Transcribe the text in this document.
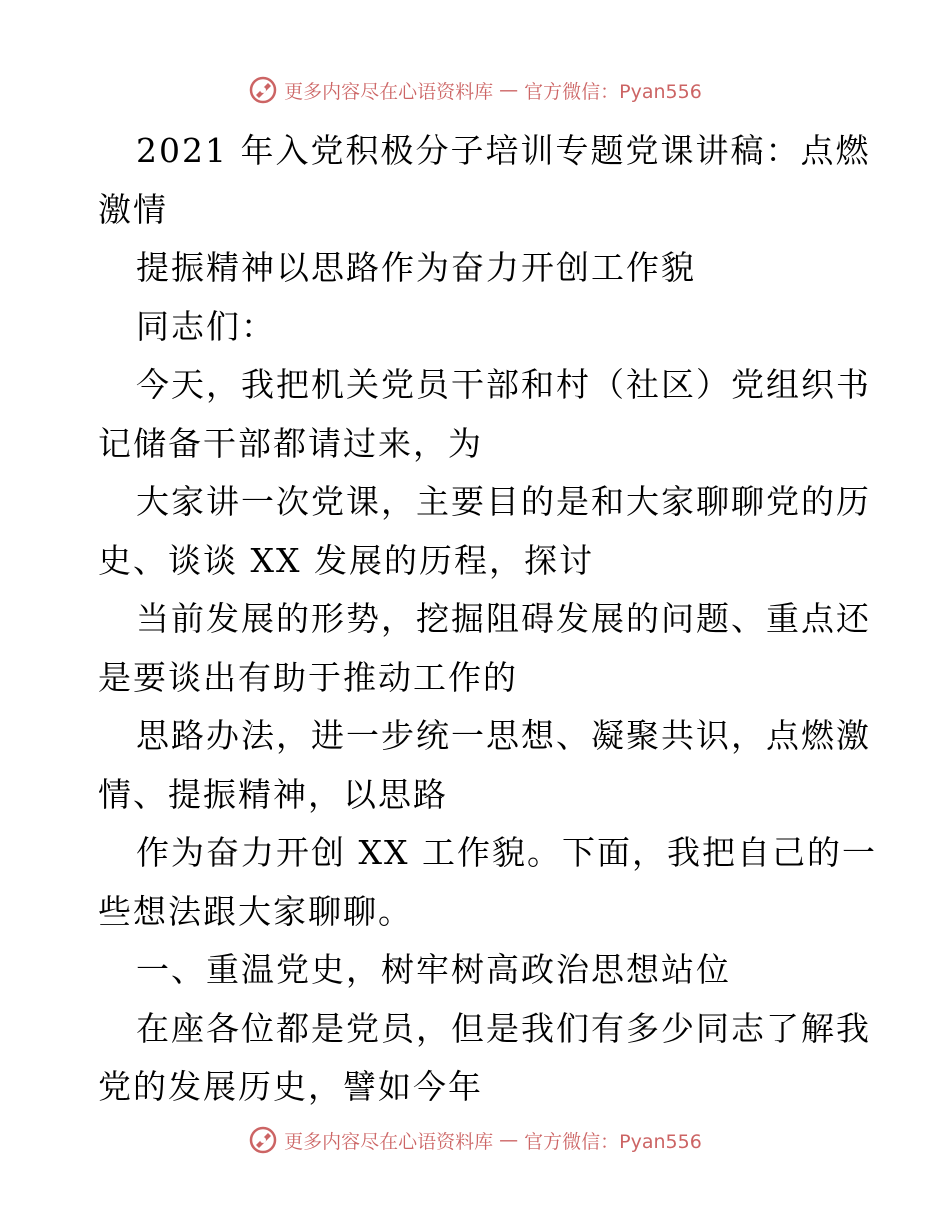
更多内容尽在心语资料库 — 官方微信：Pyan556
2021 年入党积极分子培训专题党课讲稿：点燃
激情
提振精神以思路作为奋力开创工作貌
同志们：
今天，我把机关党员干部和村（社区）党组织书
记储备干部都请过来，为
大家讲一次党课，主要目的是和大家聊聊党的历
史、谈谈 XX 发展的历程，探讨
当前发展的形势，挖掘阻碍发展的问题、重点还
是要谈出有助于推动工作的
思路办法，进一步统一思想、凝聚共识，点燃激
情、提振精神，以思路
作为奋力开创 XX 工作貌。下面，我把自己的一
些想法跟大家聊聊。
一、重温党史，树牢树高政治思想站位
在座各位都是党员，但是我们有多少同志了解我
党的发展历史，譬如今年
更多内容尽在心语资料库 — 官方微信：Pyan556
